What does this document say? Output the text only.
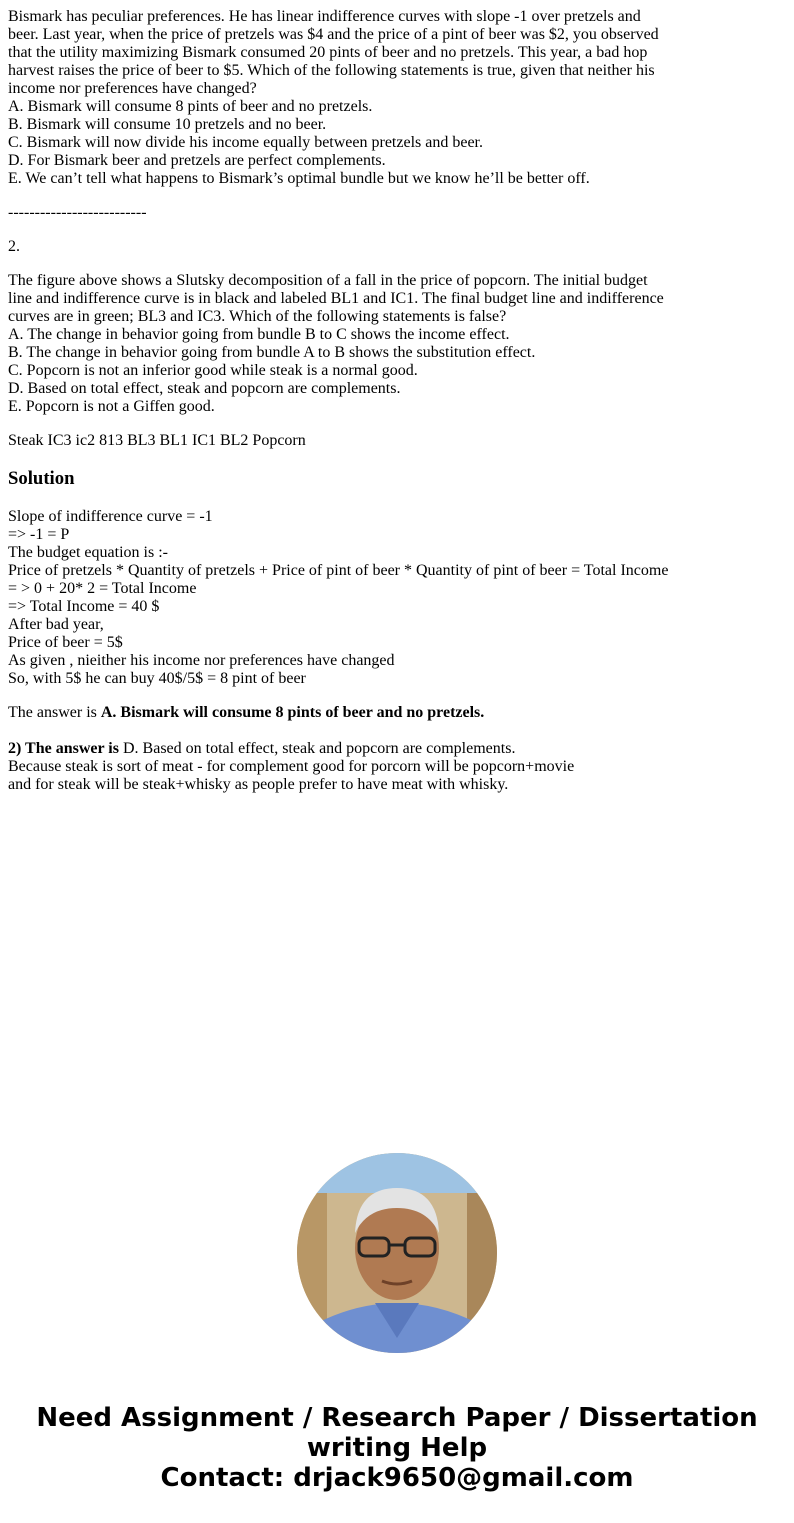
Bismark has peculiar preferences. He has linear indifference curves with slope -1 over pretzels and
beer. Last year, when the price of pretzels was $4 and the price of a pint of beer was $2, you observed
that the utility maximizing Bismark consumed 20 pints of beer and no pretzels. This year, a bad hop
harvest raises the price of beer to $5. Which of the following statements is true, given that neither his
income nor preferences have changed?
A. Bismark will consume 8 pints of beer and no pretzels.
B. Bismark will consume 10 pretzels and no beer.
C. Bismark will now divide his income equally between pretzels and beer.
D. For Bismark beer and pretzels are perfect complements.
E. We can’t tell what happens to Bismark’s optimal bundle but we know he’ll be better off.
--------------------------
2.
The figure above shows a Slutsky decomposition of a fall in the price of popcorn. The initial budget
line and indifference curve is in black and labeled BL1 and IC1. The final budget line and indifference
curves are in green; BL3 and IC3. Which of the following statements is false?
A. The change in behavior going from bundle B to C shows the income effect.
B. The change in behavior going from bundle A to B shows the substitution effect.
C. Popcorn is not an inferior good while steak is a normal good.
D. Based on total effect, steak and popcorn are complements.
E. Popcorn is not a Giffen good.
Steak IC3 ic2 813 BL3 BL1 IC1 BL2 Popcorn
Solution
Slope of indifference curve = -1
=> -1 = P
The budget equation is :-
Price of pretzels * Quantity of pretzels + Price of pint of beer * Quantity of pint of beer = Total Income
= > 0 + 20* 2 = Total Income
=> Total Income = 40 $
After bad year,
Price of beer = 5$
As given , nieither his income nor preferences have changed
So, with 5$ he can buy 40$/5$ = 8 pint of beer
The answer is A. Bismark will consume 8 pints of beer and no pretzels.
2) The answer is D. Based on total effect, steak and popcorn are complements.
Because steak is sort of meat - for complement good for porcorn will be popcorn+movie
and for steak will be steak+whisky as people prefer to have meat with whisky.
Need Assignment / Research Paper / Dissertation
writing Help
Contact: drjack9650@gmail.com
